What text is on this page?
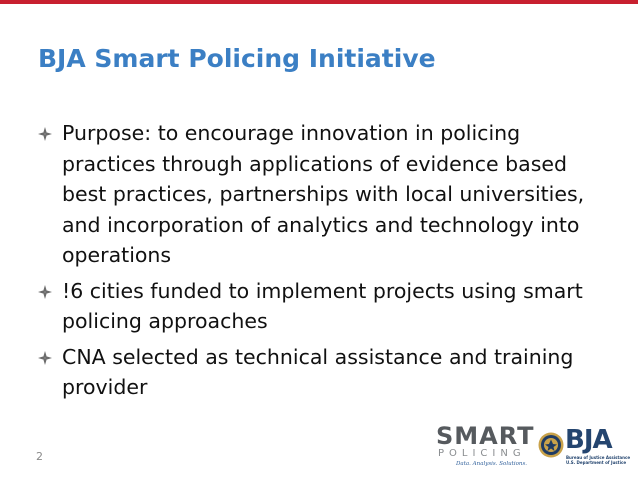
BJA Smart Policing Initiative
Purpose: to encourage innovation in policing practices through applications of evidence based best practices, partnerships with local universities, and incorporation of analytics and technology into operations
!6 cities funded to implement projects using smart policing approaches
CNA selected as technical assistance and training provider
2
SMART
POLICING
Data. Analysis. Solutions.
BJA
Bureau of Justice Assistance
U.S. Department of Justice
